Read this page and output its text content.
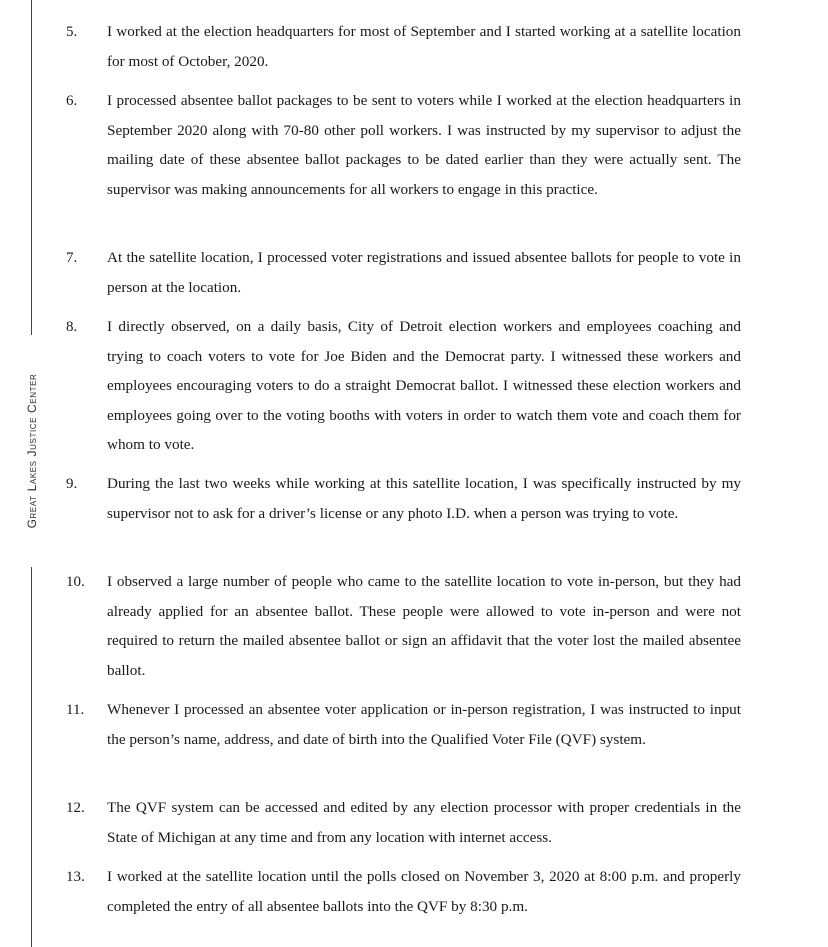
Great Lakes Justice Center
5. I worked at the election headquarters for most of September and I started working at a satellite location for most of October, 2020.

6. I processed absentee ballot packages to be sent to voters while I worked at the election headquarters in September 2020 along with 70-80 other poll workers. I was instructed by my supervisor to adjust the mailing date of these absentee ballot packages to be dated earlier than they were actually sent. The supervisor was making announcements for all workers to engage in this practice.

7. At the satellite location, I processed voter registrations and issued absentee ballots for people to vote in person at the location.

8. I directly observed, on a daily basis, City of Detroit election workers and employees coaching and trying to coach voters to vote for Joe Biden and the Democrat party. I witnessed these workers and employees encouraging voters to do a straight Democrat ballot. I witnessed these election workers and employees going over to the voting booths with voters in order to watch them vote and coach them for whom to vote.

9. During the last two weeks while working at this satellite location, I was specifically instructed by my supervisor not to ask for a driver’s license or any photo I.D. when a person was trying to vote.

10. I observed a large number of people who came to the satellite location to vote in-person, but they had already applied for an absentee ballot. These people were allowed to vote in-person and were not required to return the mailed absentee ballot or sign an affidavit that the voter lost the mailed absentee ballot.

11. Whenever I processed an absentee voter application or in-person registration, I was instructed to input the person’s name, address, and date of birth into the Qualified Voter File (QVF) system.

12. The QVF system can be accessed and edited by any election processor with proper credentials in the State of Michigan at any time and from any location with internet access.

13. I worked at the satellite location until the polls closed on November 3, 2020 at 8:00 p.m. and properly completed the entry of all absentee ballots into the QVF by 8:30 p.m.
